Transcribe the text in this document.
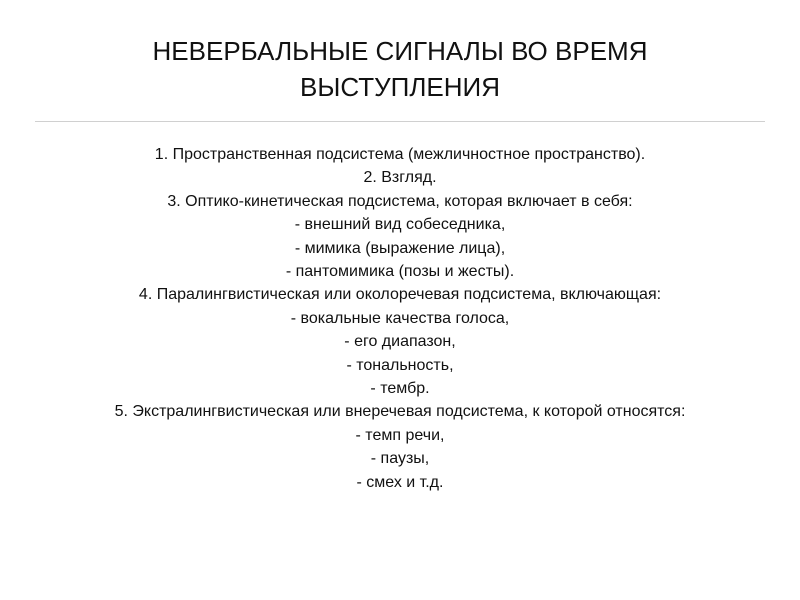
НЕВЕРБАЛЬНЫЕ СИГНАЛЫ ВО ВРЕМЯ
ВЫСТУПЛЕНИЯ
1. Пространственная подсистема (межличностное пространство).
2. Взгляд.
3. Оптико-кинетическая подсистема, которая включает в себя:
- внешний вид собеседника,
- мимика (выражение лица),
- пантомимика (позы и жесты).
4. Паралингвистическая или околоречевая подсистема, включающая:
- вокальные качества голоса,
- его диапазон,
- тональность,
- тембр.
5. Экстралингвистическая или внеречевая подсистема, к которой относятся:
- темп речи,
- паузы,
- смех и т.д.
